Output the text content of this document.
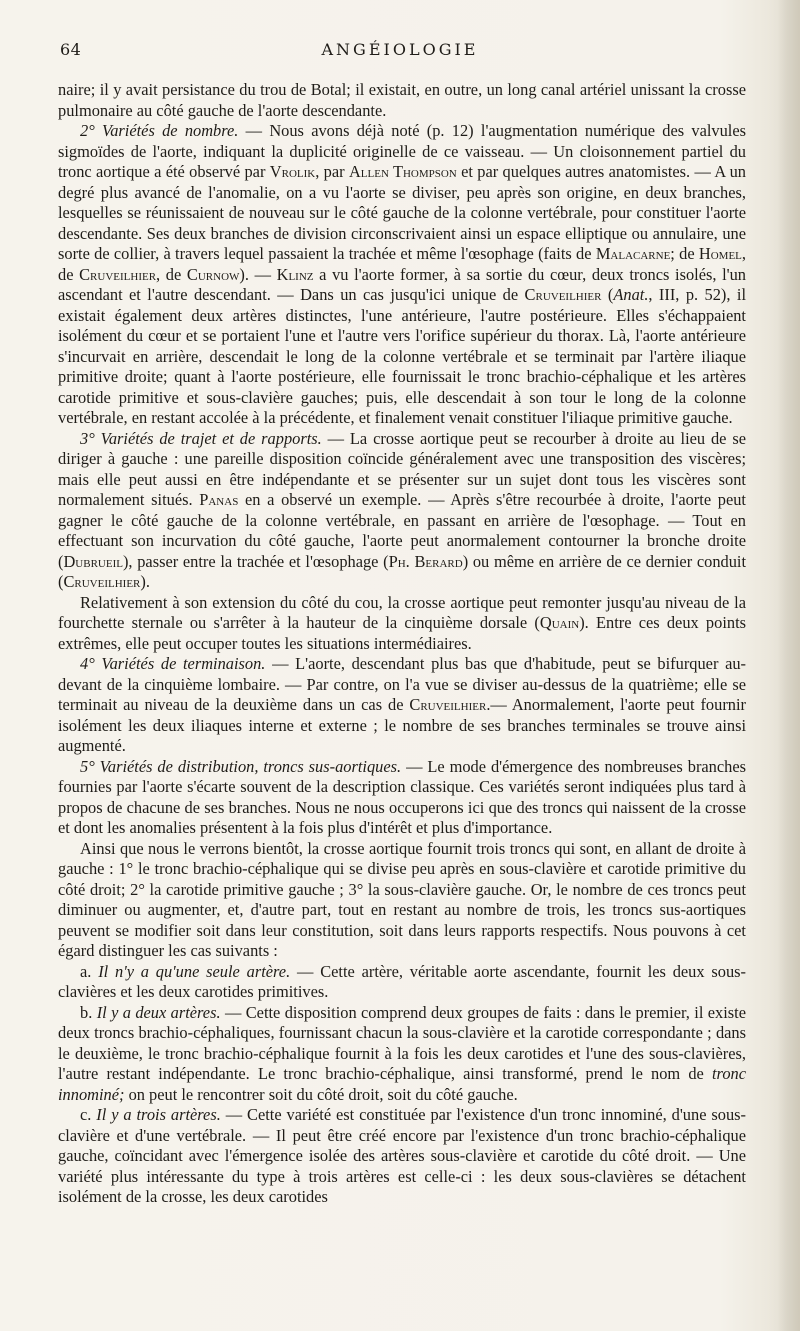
64	ANGÉIOLOGIE

naire; il y avait persistance du trou de Botal; il existait, en outre, un long canal artériel unissant la crosse pulmonaire au côté gauche de l'aorte descendante.

2° Variétés de nombre. — Nous avons déjà noté (p. 12) l'augmentation numérique des valvules sigmoïdes de l'aorte, indiquant la duplicité originelle de ce vaisseau. — Un cloisonnement partiel du tronc aortique a été observé par Vrolik, par Allen Thompson et par quelques autres anatomistes. — A un degré plus avancé de l'anomalie, on a vu l'aorte se diviser, peu après son origine, en deux branches, lesquelles se réunissaient de nouveau sur le côté gauche de la colonne vertébrale, pour constituer l'aorte descendante. Ses deux branches de division circonscrivaient ainsi un espace elliptique ou annulaire, une sorte de collier, à travers lequel passaient la trachée et même l'œsophage (faits de Malacarne; de Homel, de Cruveilhier, de Curnow). — Klinz a vu l'aorte former, à sa sortie du cœur, deux troncs isolés, l'un ascendant et l'autre descendant. — Dans un cas jusqu'ici unique de Cruveilhier (Anat., III, p. 52), il existait également deux artères distinctes, l'une antérieure, l'autre postérieure. Elles s'échappaient isolément du cœur et se portaient l'une et l'autre vers l'orifice supérieur du thorax. Là, l'aorte antérieure s'incurvait en arrière, descendait le long de la colonne vertébrale et se terminait par l'artère iliaque primitive droite; quant à l'aorte postérieure, elle fournissait le tronc brachio-céphalique et les artères carotide primitive et sous-clavière gauches; puis, elle descendait à son tour le long de la colonne vertébrale, en restant accolée à la précédente, et finalement venait constituer l'iliaque primitive gauche.

3° Variétés de trajet et de rapports. — La crosse aortique peut se recourber à droite au lieu de se diriger à gauche : une pareille disposition coïncide généralement avec une transposition des viscères; mais elle peut aussi en être indépendante et se présenter sur un sujet dont tous les viscères sont normalement situés. Panas en a observé un exemple. — Après s'être recourbée à droite, l'aorte peut gagner le côté gauche de la colonne vertébrale, en passant en arrière de l'œsophage. — Tout en effectuant son incurvation du côté gauche, l'aorte peut anormalement contourner la bronche droite (Dubrueil), passer entre la trachée et l'œsophage (Ph. Berard) ou même en arrière de ce dernier conduit (Cruveilhier).

Relativement à son extension du côté du cou, la crosse aortique peut remonter jusqu'au niveau de la fourchette sternale ou s'arrêter à la hauteur de la cinquième dorsale (Quain). Entre ces deux points extrêmes, elle peut occuper toutes les situations intermédiaires.

4° Variétés de terminaison. — L'aorte, descendant plus bas que d'habitude, peut se bifurquer au-devant de la cinquième lombaire. — Par contre, on l'a vue se diviser au-dessus de la quatrième; elle se terminait au niveau de la deuxième dans un cas de Cruveilhier.— Anormalement, l'aorte peut fournir isolément les deux iliaques interne et externe ; le nombre de ses branches terminales se trouve ainsi augmenté.

5° Variétés de distribution, troncs sus-aortiques. — Le mode d'émergence des nombreuses branches fournies par l'aorte s'écarte souvent de la description classique. Ces variétés seront indiquées plus tard à propos de chacune de ses branches. Nous ne nous occuperons ici que des troncs qui naissent de la crosse et dont les anomalies présentent à la fois plus d'intérêt et plus d'importance.

Ainsi que nous le verrons bientôt, la crosse aortique fournit trois troncs qui sont, en allant de droite à gauche : 1° le tronc brachio-céphalique qui se divise peu après en sous-clavière et carotide primitive du côté droit; 2° la carotide primitive gauche ; 3° la sous-clavière gauche. Or, le nombre de ces troncs peut diminuer ou augmenter, et, d'autre part, tout en restant au nombre de trois, les troncs sus-aortiques peuvent se modifier soit dans leur constitution, soit dans leurs rapports respectifs. Nous pouvons à cet égard distinguer les cas suivants :

a. Il n'y a qu'une seule artère. — Cette artère, véritable aorte ascendante, fournit les deux sous-clavières et les deux carotides primitives.

b. Il y a deux artères. — Cette disposition comprend deux groupes de faits : dans le premier, il existe deux troncs brachio-céphaliques, fournissant chacun la sous-clavière et la carotide correspondante ; dans le deuxième, le tronc brachio-céphalique fournit à la fois les deux carotides et l'une des sous-clavières, l'autre restant indépendante. Le tronc brachio-céphalique, ainsi transformé, prend le nom de tronc innominé; on peut le rencontrer soit du côté droit, soit du côté gauche.

c. Il y a trois artères. — Cette variété est constituée par l'existence d'un tronc innominé, d'une sous-clavière et d'une vertébrale. — Il peut être créé encore par l'existence d'un tronc brachio-céphalique gauche, coïncidant avec l'émergence isolée des artères sous-clavière et carotide du côté droit. — Une variété plus intéressante du type à trois artères est celle-ci : les deux sous-clavières se détachent isolément de la crosse, les deux carotides
